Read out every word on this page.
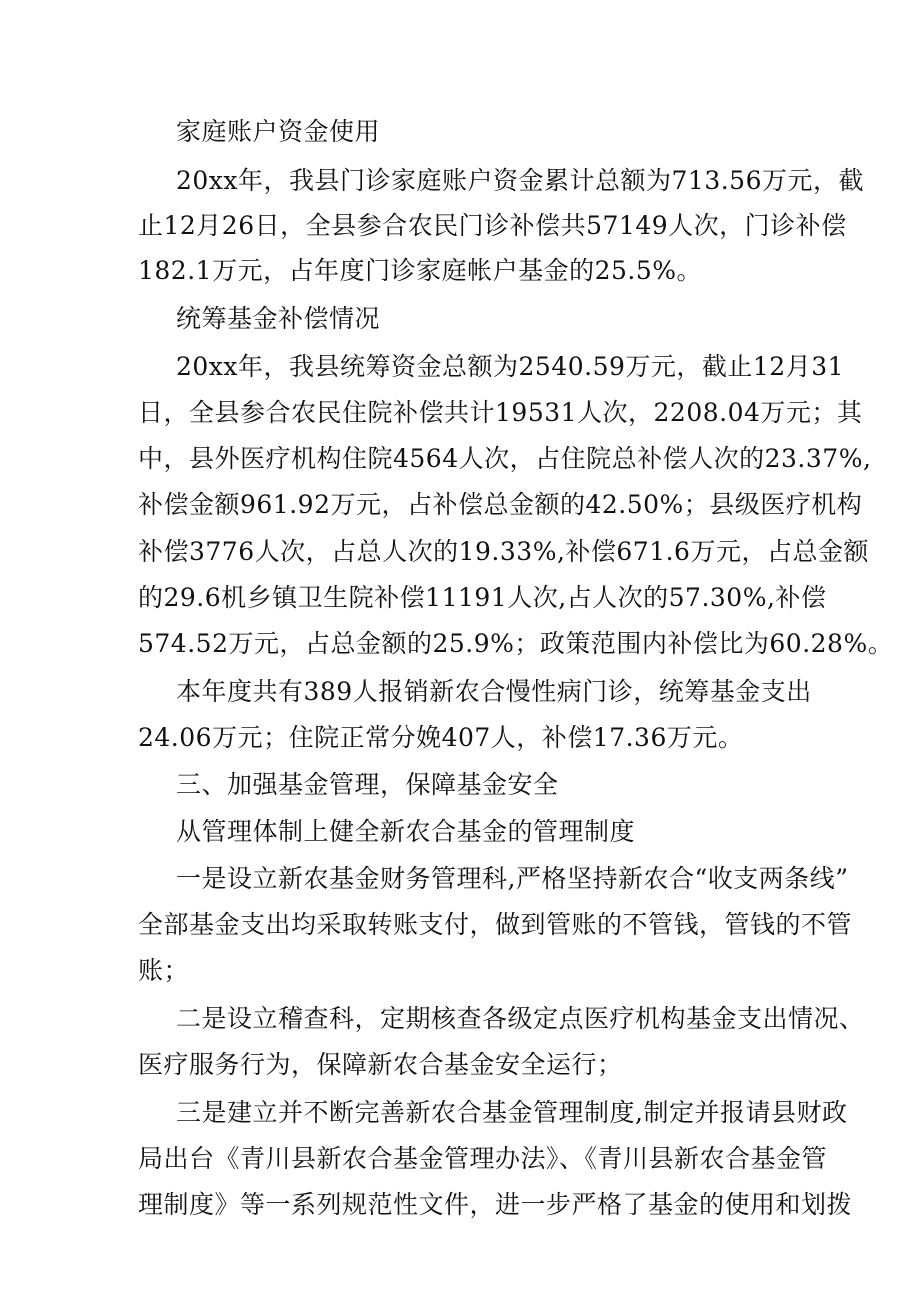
家庭账户资金使用

20xx年，我县门诊家庭账户资金累计总额为713.56万元，截

止12月26日，全县参合农民门诊补偿共57149人次，门诊补偿

182.1万元，占年度门诊家庭帐户基金的25.5%。

统筹基金补偿情况

20xx年，我县统筹资金总额为2540.59万元，截止12月31

日，全县参合农民住院补偿共计19531人次，2208.04万元；其

中，县外医疗机构住院4564人次，占住院总补偿人次的23.37%,

补偿金额961.92万元，占补偿总金额的42.50%；县级医疗机构

补偿3776人次，占总人次的19.33%,补偿671.6万元，占总金额

的29.6机乡镇卫生院补偿11191人次,占人次的57.30%,补偿

574.52万元，占总金额的25.9%；政策范围内补偿比为60.28%。

本年度共有389人报销新农合慢性病门诊，统筹基金支出

24.06万元；住院正常分娩407人，补偿17.36万元。

三、加强基金管理，保障基金安全

从管理体制上健全新农合基金的管理制度

一是设立新农基金财务管理科,严格坚持新农合“收支两条线”

全部基金支出均采取转账支付，做到管账的不管钱，管钱的不管

账；

二是设立稽查科，定期核查各级定点医疗机构基金支出情况、

医疗服务行为，保障新农合基金安全运行；

三是建立并不断完善新农合基金管理制度,制定并报请县财政

局出台《青川县新农合基金管理办法》、《青川县新农合基金管

理制度》等一系列规范性文件，进一步严格了基金的使用和划拨
